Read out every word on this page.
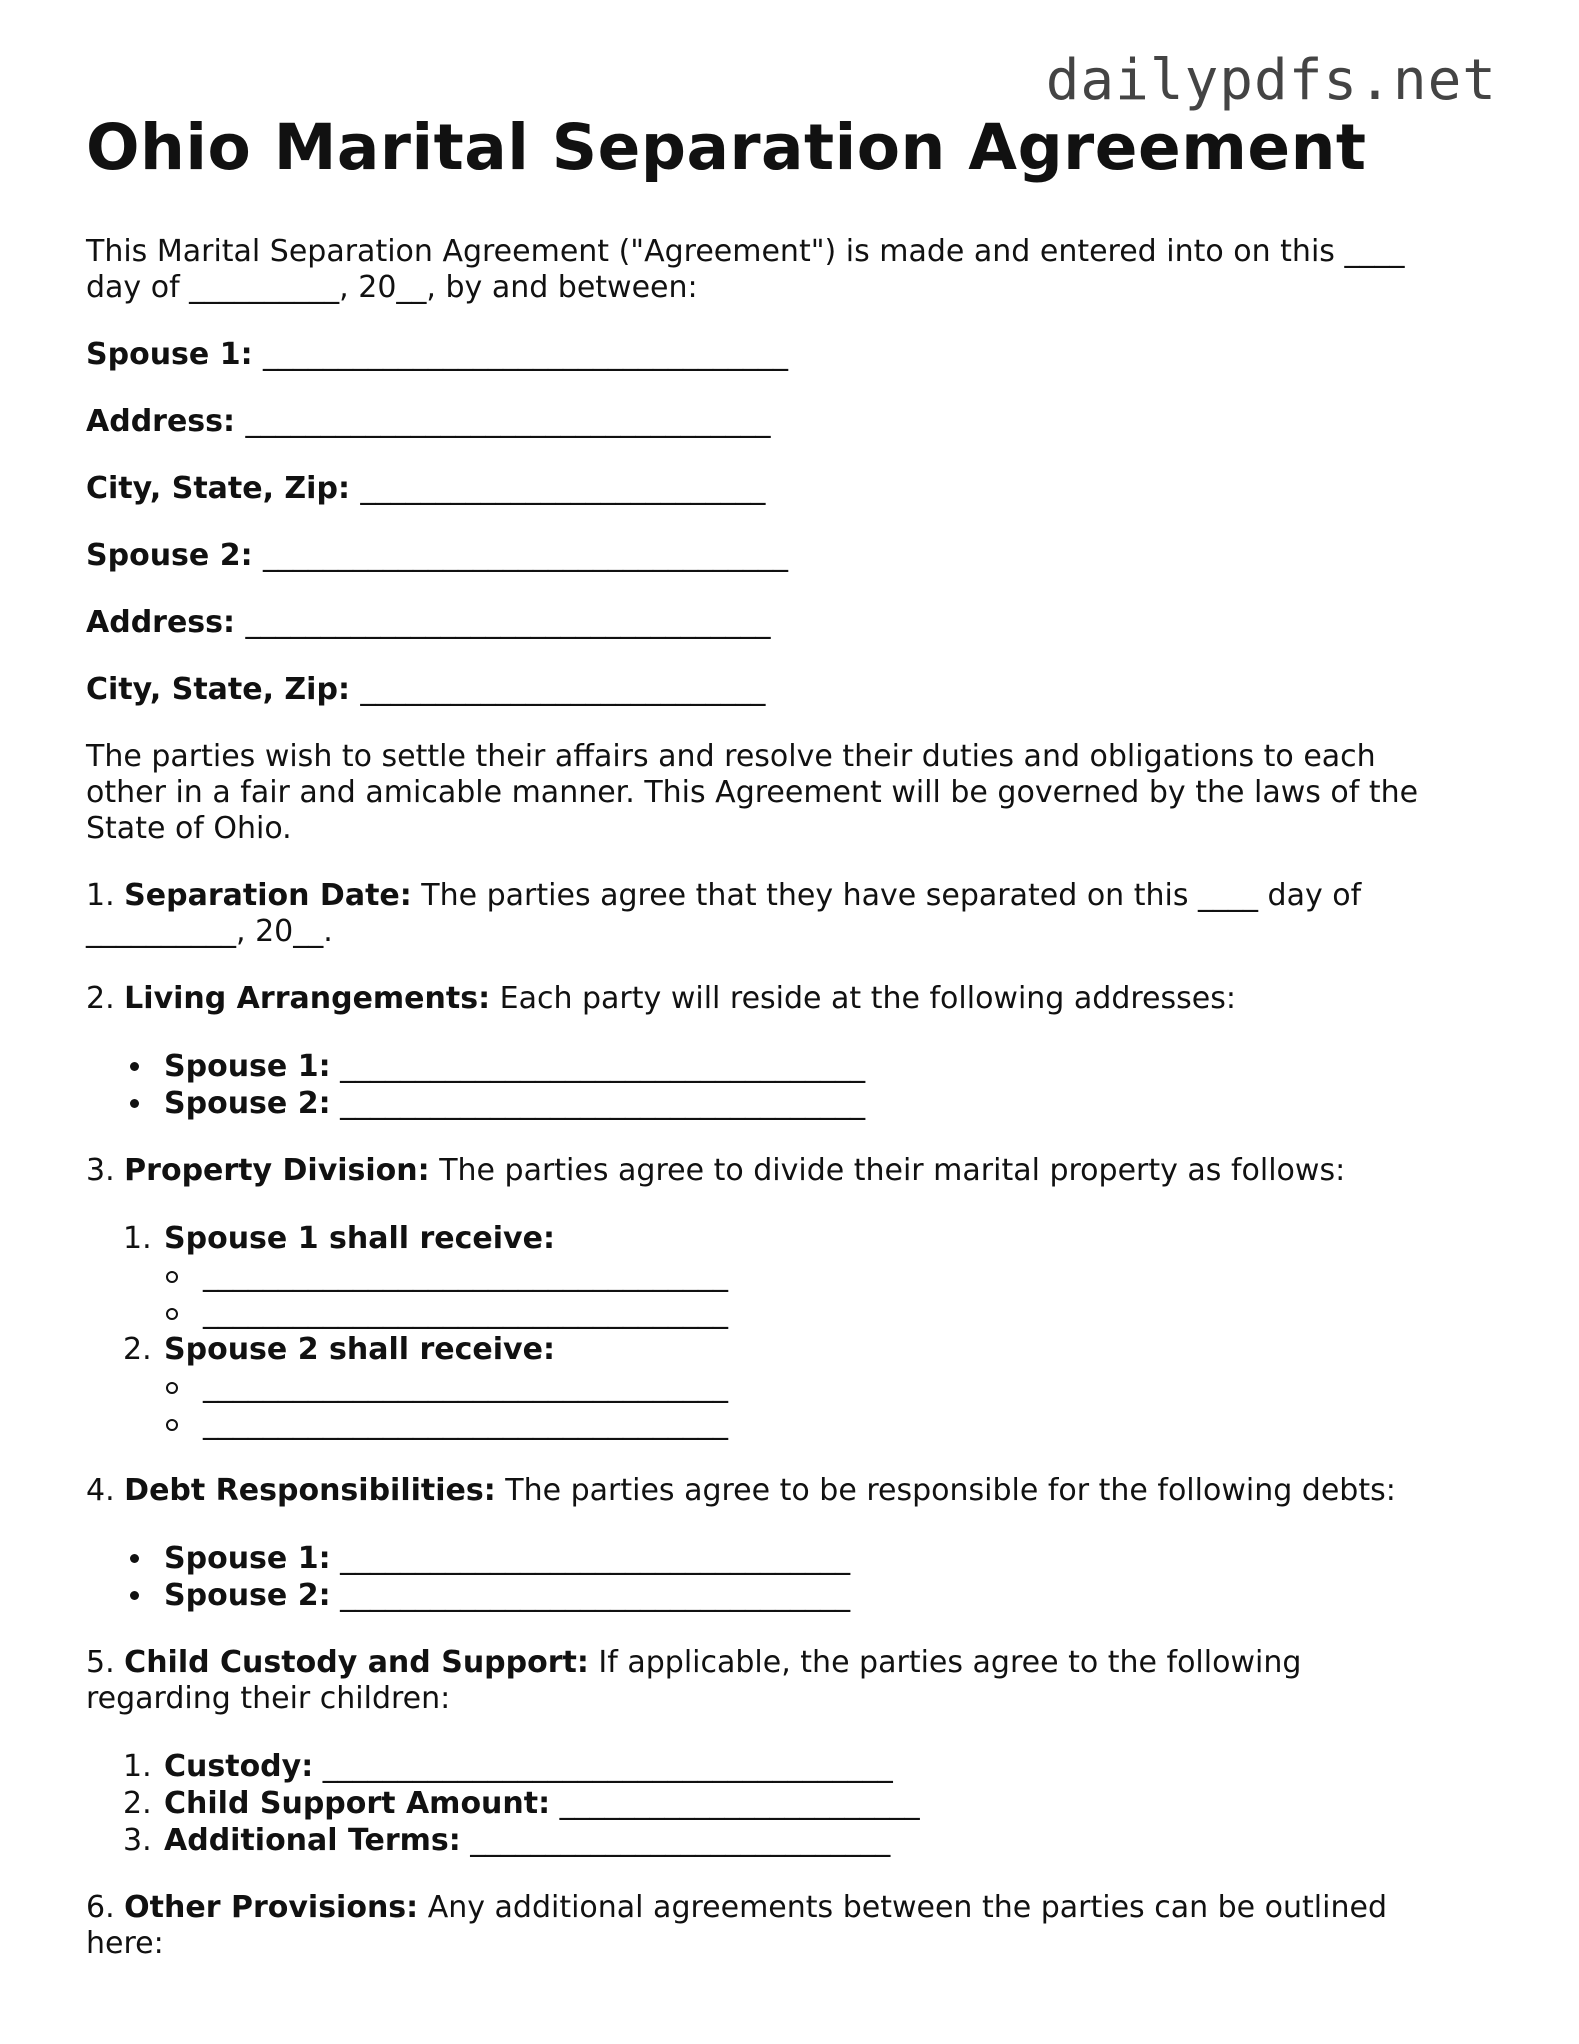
dailypdfs.net
Ohio Marital Separation Agreement

This Marital Separation Agreement ("Agreement") is made and entered into on this ____

day of __________, 20__, by and between:

Spouse 1: ___________________________________

Address: ___________________________________

City, State, Zip: ___________________________

Spouse 2: ___________________________________

Address: ___________________________________

City, State, Zip: ___________________________

The parties wish to settle their affairs and resolve their duties and obligations to each

other in a fair and amicable manner. This Agreement will be governed by the laws of the

State of Ohio.

1. Separation Date: The parties agree that they have separated on this ____ day of

__________, 20__.

2. Living Arrangements: Each party will reside at the following addresses:

Spouse 1: ___________________________________
Spouse 2: ___________________________________

3. Property Division: The parties agree to divide their marital property as follows:

1. Spouse 1 shall receive:
___________________________________
___________________________________
2. Spouse 2 shall receive:
___________________________________
___________________________________

4. Debt Responsibilities: The parties agree to be responsible for the following debts:

Spouse 1: __________________________________
Spouse 2: __________________________________

5. Child Custody and Support: If applicable, the parties agree to the following

regarding their children:

1. Custody: ______________________________________
2. Child Support Amount: ________________________
3. Additional Terms: ____________________________

6. Other Provisions: Any additional agreements between the parties can be outlined

here:
